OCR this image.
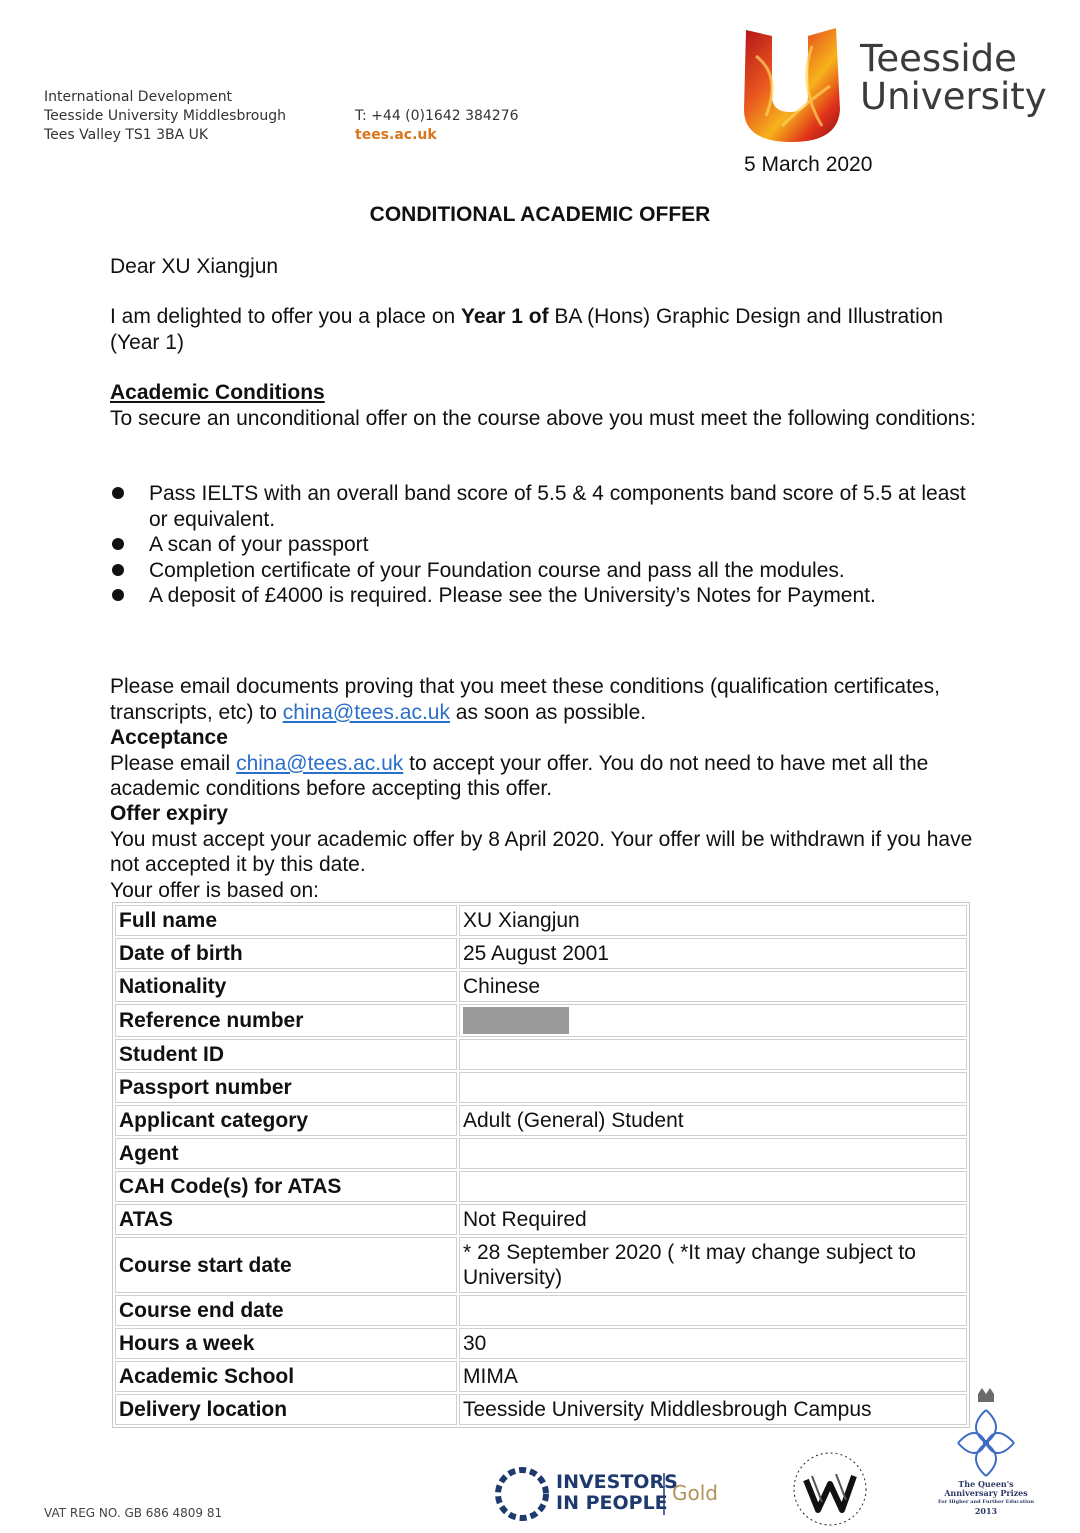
International Development
Teesside University Middlesbrough
Tees Valley TS1 3BA UK
T: +44 (0)1642 384276
tees.ac.uk
Teesside
University
5 March 2020
CONDITIONAL ACADEMIC OFFER
Dear XU Xiangjun
I am delighted to offer you a place on Year 1 of BA (Hons) Graphic Design and Illustration (Year 1)
Academic Conditions
To secure an unconditional offer on the course above you must meet the following conditions:
Pass IELTS with an overall band score of 5.5 & 4 components band score of 5.5 at least or equivalent.
A scan of your passport
Completion certificate of your Foundation course and pass all the modules.
A deposit of £4000 is required. Please see the University’s Notes for Payment.
Please email documents proving that you meet these conditions (qualification certificates, transcripts, etc) to china@tees.ac.uk as soon as possible.
Acceptance
Please email china@tees.ac.uk to accept your offer. You do not need to have met all the academic conditions before accepting this offer.
Offer expiry
You must accept your academic offer by 8 April 2020. Your offer will be withdrawn if you have not accepted it by this date.
Your offer is based on:
Full name	XU Xiangjun
Date of birth	25 August 2001
Nationality	Chinese
Reference number	
Student ID	
Passport number	
Applicant category	Adult (General) Student
Agent	
CAH Code(s) for ATAS	
ATAS	Not Required
Course start date	* 28 September 2020 ( *It may change subject to University)
Course end date	
Hours a week	30
Academic School	MIMA
Delivery location	Teesside University Middlesbrough Campus
VAT REG NO. GB 686 4809 81
INVESTORS
IN PEOPLE Gold	The Queen's
Anniversary Prizes
For Higher and Further Education
2013
